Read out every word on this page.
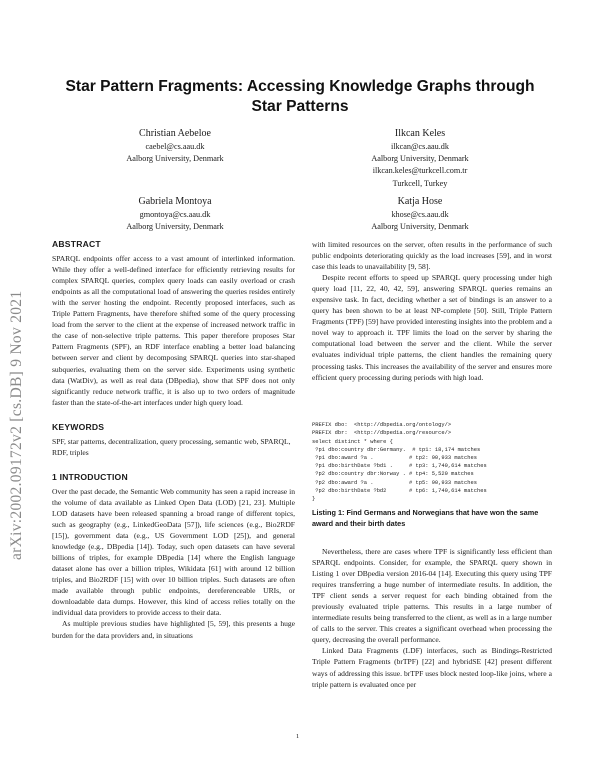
arXiv:2002.09172v2 [cs.DB] 9 Nov 2021
Star Pattern Fragments: Accessing Knowledge Graphs through Star Patterns
Christian Aebeloe
caebel@cs.aau.dk
Aalborg University, Denmark
Ilkcan Keles
ilkcan@cs.aau.dk
Aalborg University, Denmark
ilkcan.keles@turkcell.com.tr
Turkcell, Turkey
Gabriela Montoya
gmontoya@cs.aau.dk
Aalborg University, Denmark
Katja Hose
khose@cs.aau.dk
Aalborg University, Denmark
ABSTRACT

SPARQL endpoints offer access to a vast amount of interlinked information. While they offer a well-defined interface for efficiently retrieving results for complex SPARQL queries, complex query loads can easily overload or crash endpoints as all the computational load of answering the queries resides entirely with the server hosting the endpoint. Recently proposed interfaces, such as Triple Pattern Fragments, have therefore shifted some of the query processing load from the server to the client at the expense of increased network traffic in the case of non-selective triple patterns. This paper therefore proposes Star Pattern Fragments (SPF), an RDF interface enabling a better load balancing between server and client by decomposing SPARQL queries into star-shaped subqueries, evaluating them on the server side. Experiments using synthetic data (WatDiv), as well as real data (DBpedia), show that SPF does not only significantly reduce network traffic, it is also up to two orders of magnitude faster than the state-of-the-art interfaces under high query load.

KEYWORDS

SPF, star patterns, decentralization, query processing, semantic web, SPARQL, RDF, triples

1 INTRODUCTION

Over the past decade, the Semantic Web community has seen a rapid increase in the volume of data available as Linked Open Data (LOD) [21, 23]. Multiple LOD datasets have been released spanning a broad range of different topics, such as geography (e.g., LinkedGeoData [57]), life sciences (e.g., Bio2RDF [15]), government data (e.g., US Government LOD [25]), and general knowledge (e.g., DBpedia [14]). Today, such open datasets can have several billions of triples, for example DBpedia [14] where the English language dataset alone has over a billion triples, Wikidata [61] with around 12 billion triples, and Bio2RDF [15] with over 10 billion triples. Such datasets are often made available through public endpoints, dereferenceable URIs, or downloadable data dumps. However, this kind of access relies totally on the individual data providers to provide access to their data.

As multiple previous studies have highlighted [5, 59], this presents a huge burden for the data providers and, in situations

with limited resources on the server, often results in the performance of such public endpoints deteriorating quickly as the load increases [59], and in worst case this leads to unavailability [9, 58].

Despite recent efforts to speed up SPARQL query processing under high query load [11, 22, 40, 42, 59], answering SPARQL queries remains an expensive task. In fact, deciding whether a set of bindings is an answer to a query has been shown to be at least NP-complete [50]. Still, Triple Pattern Fragments (TPF) [59] have provided interesting insights into the problem and a novel way to approach it. TPF limits the load on the server by sharing the computational load between the server and the client. While the server evaluates individual triple patterns, the client handles the remaining query processing tasks. This increases the availability of the server and ensures more efficient query processing during periods with high load.

PREFIX dbo:  <http://dbpedia.org/ontology/>
PREFIX dbr:  <http://dbpedia.org/resource/>
select distinct * where {
?p1 dbo:country dbr:Germany.  # tp1: 18,174 matches
?p1 dbo:award ?a .           # tp2: 90,933 matches
?p1 dbo:birthDate ?bd1 .     # tp3: 1,740,614 matches
?p2 dbo:country dbr:Norway . # tp4: 5,520 matches
?p2 dbo:award ?a .           # tp5: 90,933 matches
?p2 dbo:birthDate ?bd2       # tp6: 1,740,614 matches
}

Listing 1: Find Germans and Norwegians that have won the same award and their birth dates

Nevertheless, there are cases where TPF is significantly less efficient than SPARQL endpoints. Consider, for example, the SPARQL query shown in Listing 1 over DBpedia version 2016-04 [14]. Executing this query using TPF requires transferring a huge number of intermediate results. In addition, the TPF client sends a server request for each binding obtained from the previously evaluated triple patterns. This results in a large number of intermediate results being transferred to the client, as well as in a large number of calls to the server. This creates a significant overhead when processing the query, decreasing the overall performance.

Linked Data Fragments (LDF) interfaces, such as Bindings-Restricted Triple Pattern Fragments (brTPF) [22] and hybridSE [42] present different ways of addressing this issue. brTPF uses block nested loop-like joins, where a triple pattern is evaluated once per

1
